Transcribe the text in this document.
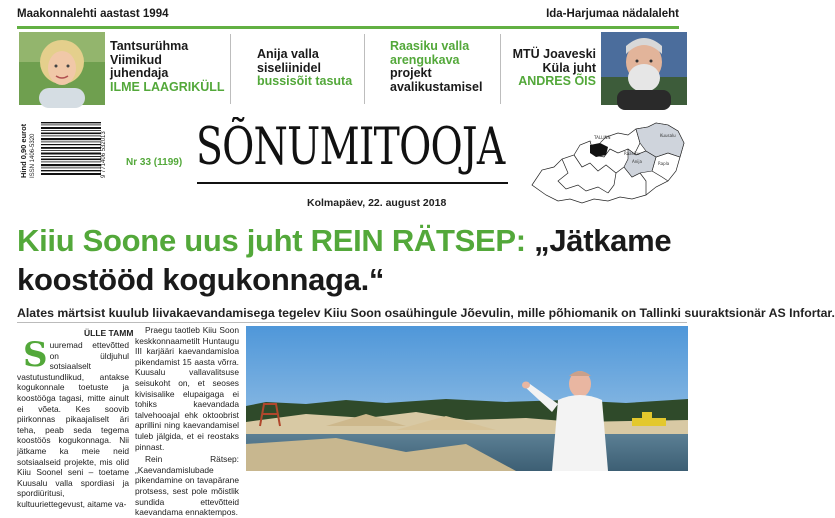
Maakonnalehti aastast 1994	Ida-Harjumaa nädalaleht
Tantsurühma
Viimikud
juhendaja
ILME LAAGRIKÜLL
Anija valla
siseliinidel
bussisõit tasuta
Raasiku valla
arengukava
projekt
avalikustamisel
MTÜ Joaveski
Küla juht
ANDRES ÕIS
Hind 0,90 eurot ISSN 1406-5320	9 771406 532013 Nr 33 (1199) SÕNUMITOOJA
Kolmapäev, 22. august 2018
TALLINN	Kuusalu
Anija
Raasiku
Rapla
Kiiu Soone uus juht REIN RÄTSEP: „Jätkame koostööd kogukonnaga.“
Alates märtsist kuulub liivakaevandamisega tegelev Kiiu Soon osaühingule Jõevulin, mille põhiomanik on Tallinki suuraktsionär AS Infortar.
ÜLLE TAMM
S uuremad ettevõtted on üldjuhul sotsiaalselt vastutustundlikud, antakse kogukonnale toetuste ja koostööga tagasi, mitte ainult ei võeta. Kes soovib piirkonnas pikaajaliselt äri teha, peab seda tegema koostöös kogukonnaga. Nii jätkame ka meie neid sotsiaalseid projekte, mis olid Kiiu Soonel seni – toetame Kuusalu valla spordiasi ja spordiüritusi, kultuuriettegevust, aitame va-

Praegu taotleb Kiiu Soon keskkonnaametilt Huntaugu III karjääri kaevandamisloa pikendamist 15 aasta võrra. Kuusalu vallavalitsuse seisukoht on, et seoses kivisisalike elupaigaga ei tohiks kaevandada talvehooajal ehk oktoobrist aprillini ning kaevandamisel tuleb jälgida, et ei reostaks pinnast.

Rein Rätsep: „Kaevandamislubade pikendamine on tavapärane protsess, sest pole mõistlik sundida ettevõtteid kaevandama ennaktempos.
